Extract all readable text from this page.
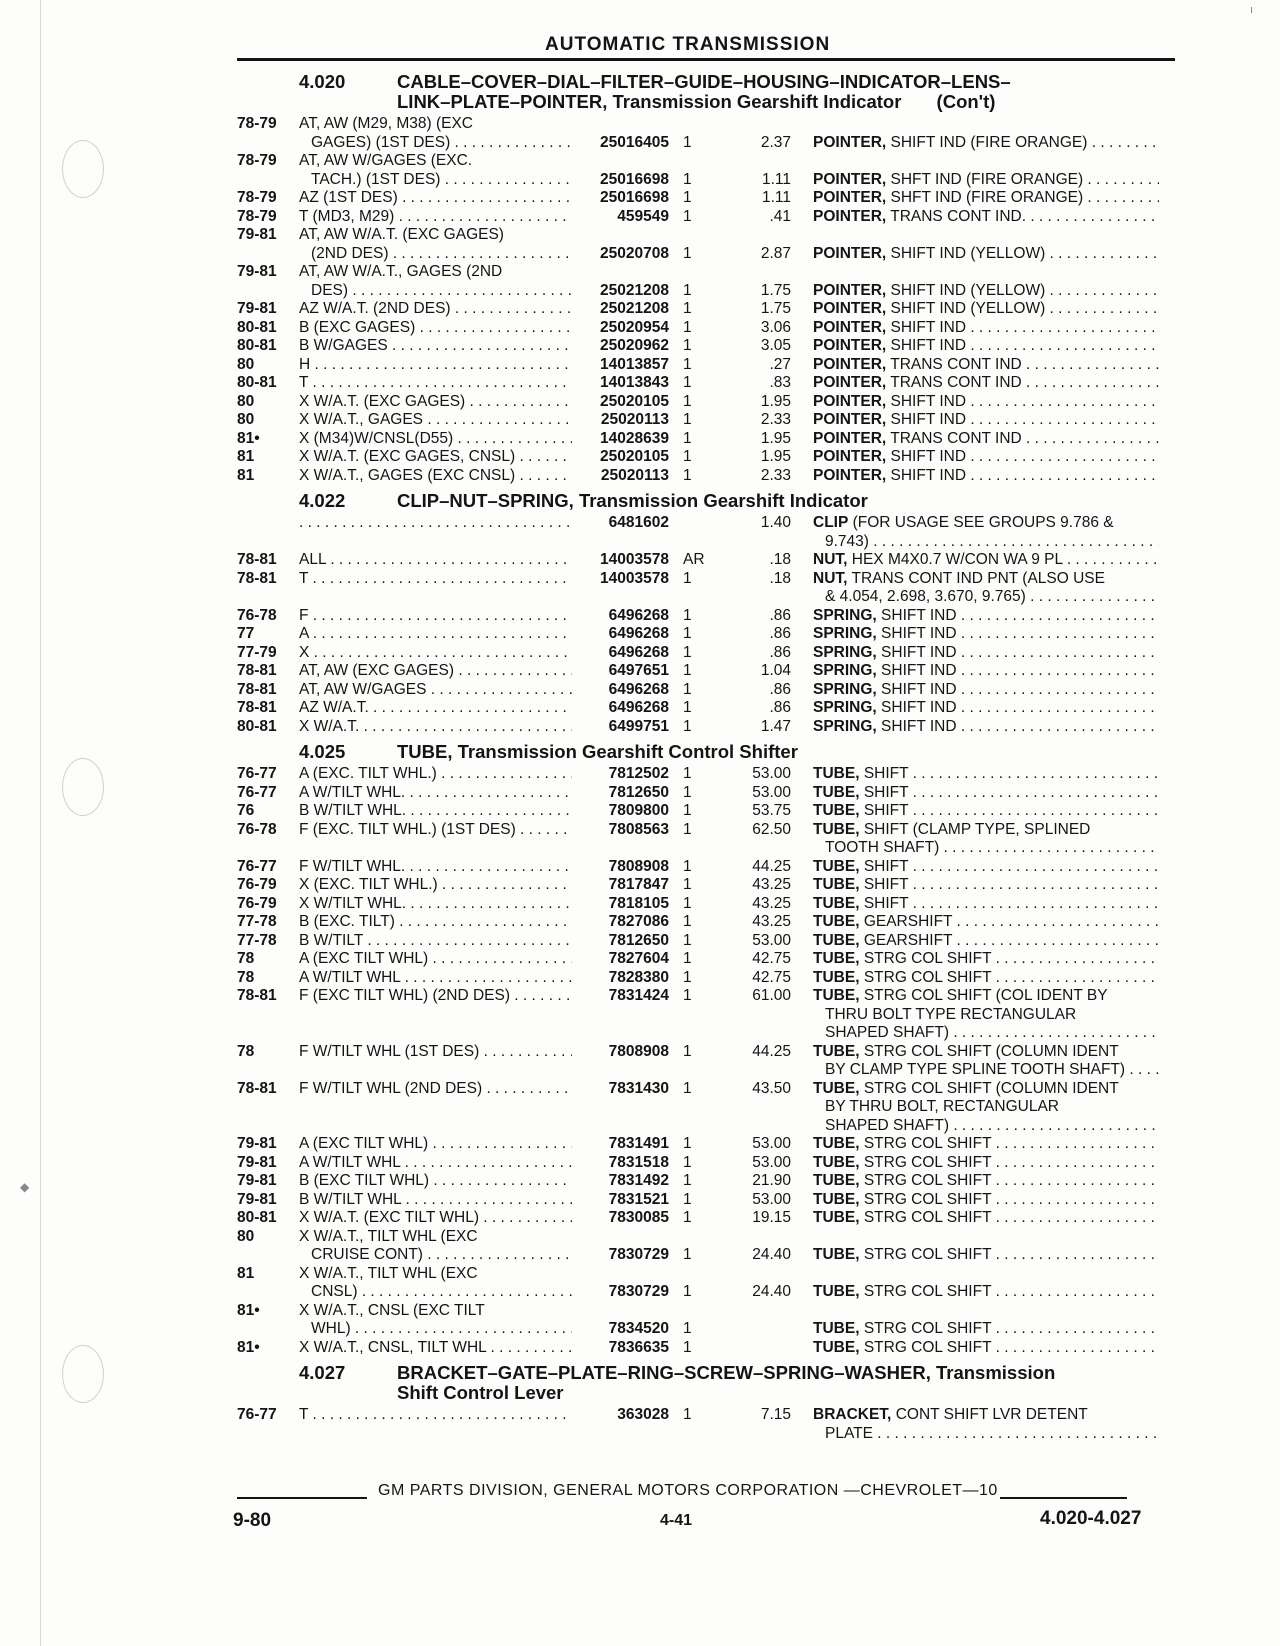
ı
◆
AUTOMATIC TRANSMISSION
4.020	CABLE–COVER–DIAL–FILTER–GUIDE–HOUSING–INDICATOR–LENS–
LINK–PLATE–POINTER, Transmission Gearshift Indicator (Con't)
78-79	AT, AW (M29, M38) (EXC
GAGES) (1ST DES) . . .	25016405 1	2.37 POINTER, SHIFT IND (FIRE ORANGE) . . .
78-79	AT, AW W/GAGES (EXC.
TACH.) (1ST DES) . . .	25016698 1	1.11 POINTER, SHFT IND (FIRE ORANGE) . . .
78-79	AZ (1ST DES) . . .	25016698 1	1.11 POINTER, SHFT IND (FIRE ORANGE) . . .
78-79	T (MD3, M29) . . .	459549 1	.41 POINTER, TRANS CONT IND. . . .
79-81	AT, AW W/A.T. (EXC GAGES)
(2ND DES) . . .	25020708 1	2.87 POINTER, SHIFT IND (YELLOW) . . .
79-81	AT, AW W/A.T., GAGES (2ND
DES) . . .	25021208 1	1.75 POINTER, SHIFT IND (YELLOW) . . .
79-81	AZ W/A.T. (2ND DES) . . .	25021208 1	1.75 POINTER, SHIFT IND (YELLOW) . . .
80-81	B (EXC GAGES) . . .	25020954 1	3.06 POINTER, SHIFT IND . . .
80-81	B W/GAGES . . .	25020962 1	3.05 POINTER, SHIFT IND . . .
80	H . . .	14013857 1	.27 POINTER, TRANS CONT IND . . .
80-81	T . . .	14013843 1	.83 POINTER, TRANS CONT IND . . .
80	X W/A.T. (EXC GAGES) . . .	25020105 1	1.95 POINTER, SHIFT IND . . .
80	X W/A.T., GAGES . . .	25020113 1	2.33 POINTER, SHIFT IND . . .
81•	X (M34)W/CNSL(D55) . . .	14028639 1	1.95 POINTER, TRANS CONT IND . . .
81	X W/A.T. (EXC GAGES, CNSL) . . .	25020105 1	1.95 POINTER, SHIFT IND . . .
81	X W/A.T., GAGES (EXC CNSL) . . .	25020113 1	2.33 POINTER, SHIFT IND . . .
4.022	CLIP–NUT–SPRING, Transmission Gearshift Indicator
. . .
6481602	1.40 CLIP (FOR USAGE SEE GROUPS 9.786 &
9.743) . . .
78-81	ALL . . .	14003578 AR	.18 NUT, HEX M4X0.7 W/CON WA 9 PL . . .
78-81	T . . .	14003578 1	.18 NUT, TRANS CONT IND PNT (ALSO USE
& 4.054, 2.698, 3.670, 9.765) . . .
76-78	F . . .	6496268 1	.86 SPRING, SHIFT IND . . .
77	A . . .	6496268 1	.86 SPRING, SHIFT IND . . .
77-79	X . . .	6496268 1	.86 SPRING, SHIFT IND . . .
78-81	AT, AW (EXC GAGES) . . .	6497651 1	1.04 SPRING, SHIFT IND . . .
78-81	AT, AW W/GAGES . . .	6496268 1	.86 SPRING, SHIFT IND . . .
78-81	AZ W/A.T. . . .	6496268 1	.86 SPRING, SHIFT IND . . .
80-81	X W/A.T. . . .	6499751 1	1.47 SPRING, SHIFT IND . . .
4.025	TUBE, Transmission Gearshift Control Shifter
76-77	A (EXC. TILT WHL.) . . .	7812502 1	53.00 TUBE, SHIFT . . .
76-77	A W/TILT WHL. . . .	7812650 1	53.00 TUBE, SHIFT . . .
76	B W/TILT WHL. . . .	7809800 1	53.75 TUBE, SHIFT . . .
76-78	F (EXC. TILT WHL.) (1ST DES) . . .	7808563 1	62.50 TUBE, SHIFT (CLAMP TYPE, SPLINED
TOOTH SHAFT) . . .
76-77	F W/TILT WHL. . . .	7808908 1	44.25 TUBE, SHIFT . . .
76-79	X (EXC. TILT WHL.) . . .	7817847 1	43.25 TUBE, SHIFT . . .
76-79	X W/TILT WHL. . . .	7818105 1	43.25 TUBE, SHIFT . . .
77-78	B (EXC. TILT) . . .	7827086 1	43.25 TUBE, GEARSHIFT . . .
77-78	B W/TILT . . .	7812650 1	53.00 TUBE, GEARSHIFT . . .
78	A (EXC TILT WHL) . . .	7827604 1	42.75 TUBE, STRG COL SHIFT . . .
78	A W/TILT WHL . . .	7828380 1	42.75 TUBE, STRG COL SHIFT . . .
78-81	F (EXC TILT WHL) (2ND DES) . . .	7831424 1	61.00 TUBE, STRG COL SHIFT (COL IDENT BY
THRU BOLT TYPE RECTANGULAR
SHAPED SHAFT) . . .
78	F W/TILT WHL (1ST DES) . . .	7808908 1	44.25 TUBE, STRG COL SHIFT (COLUMN IDENT
BY CLAMP TYPE SPLINE TOOTH SHAFT) . . .
78-81	F W/TILT WHL (2ND DES) . . .	7831430 1	43.50 TUBE, STRG COL SHIFT (COLUMN IDENT
BY THRU BOLT, RECTANGULAR
SHAPED SHAFT) . . .
79-81	A (EXC TILT WHL) . . .	7831491 1	53.00 TUBE, STRG COL SHIFT . . .
79-81	A W/TILT WHL . . .	7831518 1	53.00 TUBE, STRG COL SHIFT . . .
79-81	B (EXC TILT WHL) . . .	7831492 1	21.90 TUBE, STRG COL SHIFT . . .
79-81	B W/TILT WHL . . .	7831521 1	53.00 TUBE, STRG COL SHIFT . . .
80-81	X W/A.T. (EXC TILT WHL) . . .	7830085 1	19.15 TUBE, STRG COL SHIFT . . .
80	X W/A.T., TILT WHL (EXC
CRUISE CONT) . . .	7830729 1	24.40 TUBE, STRG COL SHIFT . . .
81	X W/A.T., TILT WHL (EXC
CNSL) . . .	7830729 1	24.40 TUBE, STRG COL SHIFT . . .
81•	X W/A.T., CNSL (EXC TILT
WHL) . . .	7834520 1	TUBE, STRG COL SHIFT . . .
81•	X W/A.T., CNSL, TILT WHL . . .	7836635 1	TUBE, STRG COL SHIFT . . .
4.027	BRACKET–GATE–PLATE–RING–SCREW–SPRING–WASHER, Transmission
Shift Control Lever
76-77	T . . .	363028 1	7.15 BRACKET, CONT SHIFT LVR DETENT
PLATE . . .
GM PARTS DIVISION, GENERAL MOTORS CORPORATION —CHEVROLET—10
9-80	4-41	4.020-4.027
